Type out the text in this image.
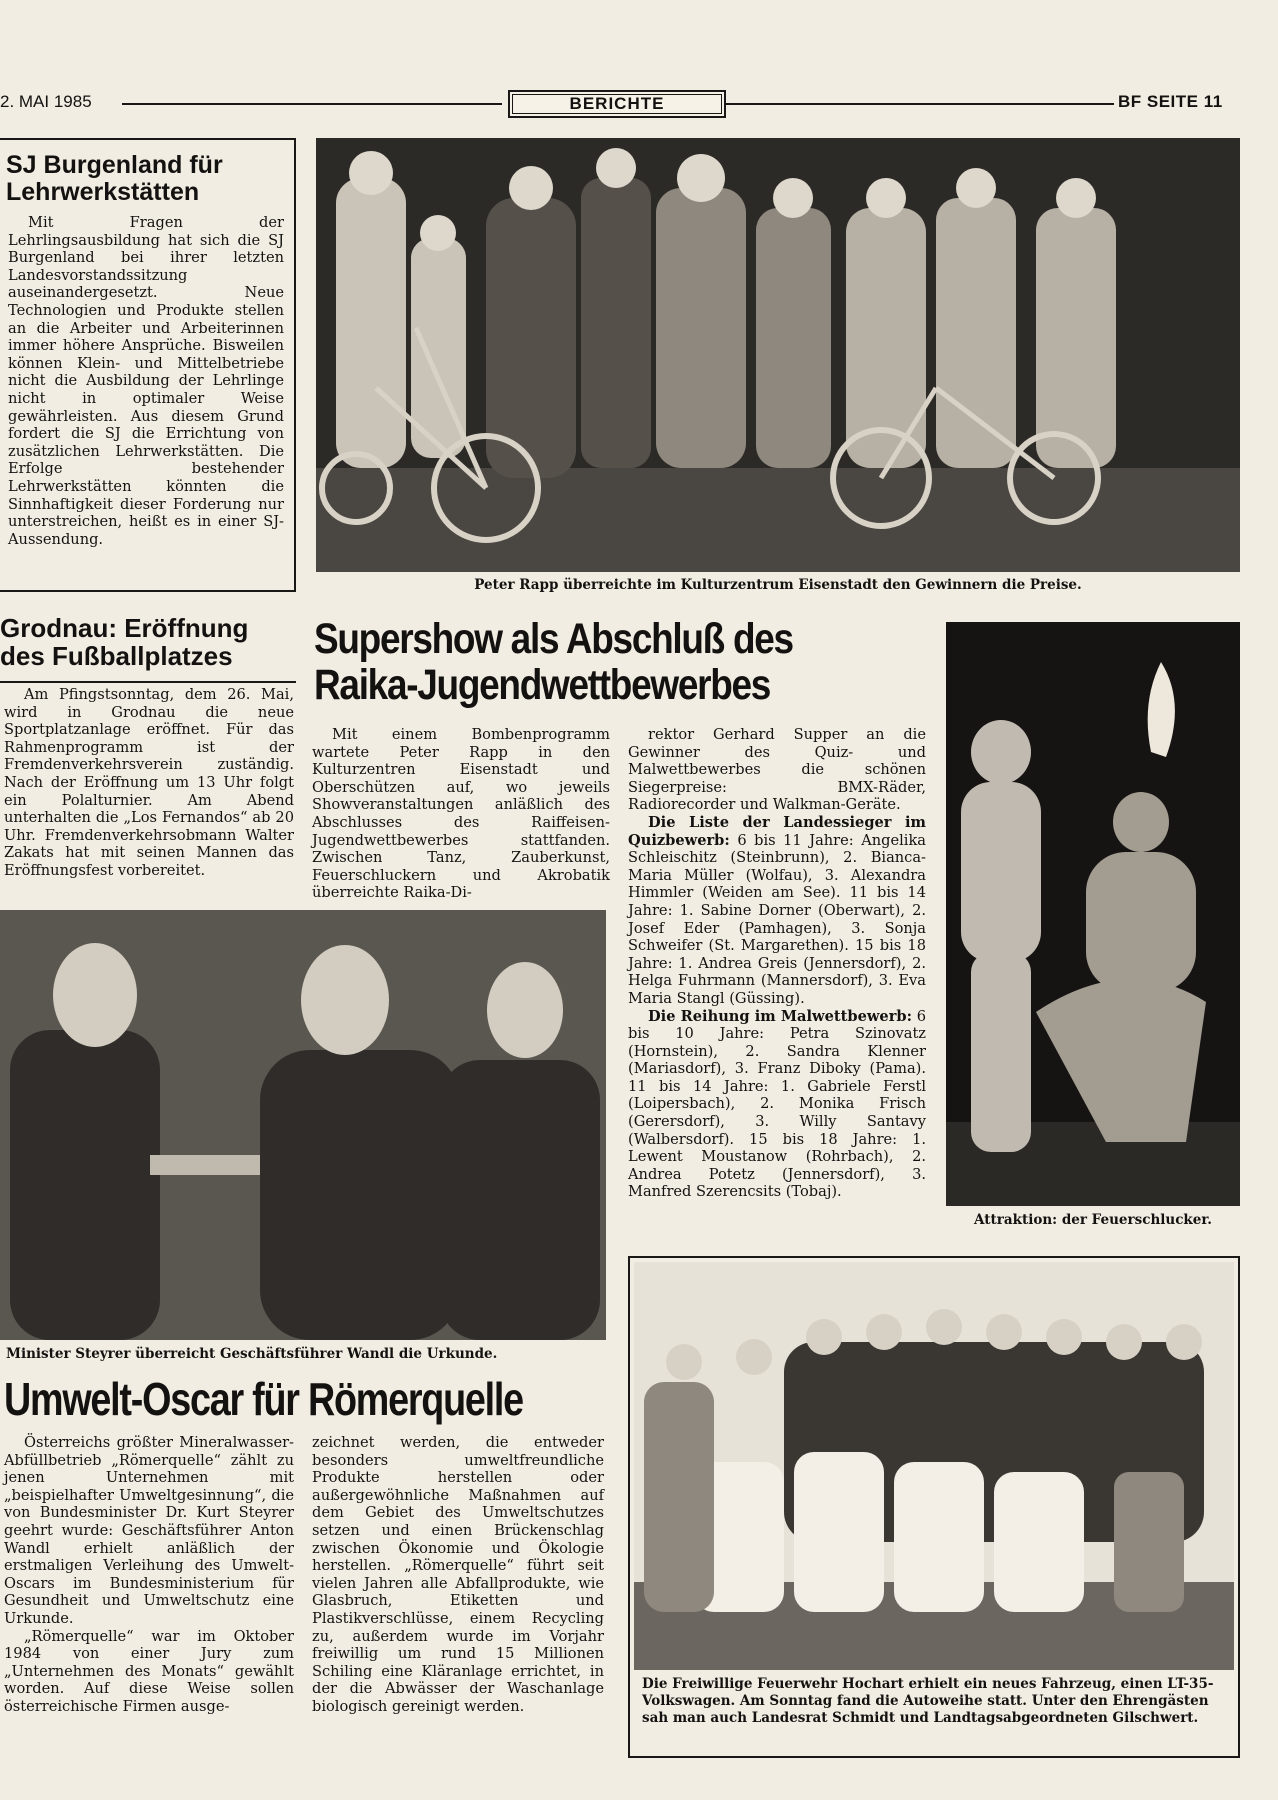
2. MAI 1985	BERICHTE	BF SEITE 11
SJ Burgenland für
Lehrwerkstätten

Mit Fragen der Lehrlingsausbildung hat sich die SJ Burgenland bei ihrer letzten Landesvorstandssitzung auseinandergesetzt. Neue Technologien und Produkte stellen an die Arbeiter und Arbeiterinnen immer höhere Ansprüche. Bisweilen können Klein- und Mittelbetriebe nicht die Ausbildung der Lehrlinge nicht in optimaler Weise gewährleisten. Aus diesem Grund fordert die SJ die Errichtung von zusätzlichen Lehrwerkstätten. Die Erfolge bestehender Lehrwerkstätten könnten die Sinnhaftigkeit dieser Forderung nur unterstreichen, heißt es in einer SJ-Aussendung.

Peter Rapp überreichte im Kulturzentrum Eisenstadt den Gewinnern die Preise.
Grodnau: Eröffnung
des Fußballplatzes

Am Pfingstsonntag, dem 26. Mai, wird in Grodnau die neue Sportplatzanlage eröffnet. Für das Rahmenprogramm ist der Fremdenverkehrsverein zuständig. Nach der Eröffnung um 13 Uhr folgt ein Polalturnier. Am Abend unterhalten die „Los Fernandos“ ab 20 Uhr. Fremdenverkehrsobmann Walter Zakats hat mit seinen Mannen das Eröffnungsfest vorbereitet.

Supershow als Abschluß des
Raika-Jugendwettbewerbes

Mit einem Bombenprogramm wartete Peter Rapp in den Kulturzentren Eisenstadt und Oberschützen auf, wo jeweils Showveranstaltungen anläßlich des Abschlusses des Raiffeisen-Jugendwettbewerbes stattfanden. Zwischen Tanz, Zauberkunst, Feuerschluckern und Akrobatik überreichte Raika-Di-

rektor Gerhard Supper an die Gewinner des Quiz- und Malwettbewerbes die schönen Siegerpreise: BMX-Räder, Radiorecorder und Walkman-Geräte.

Die Liste der Landessieger im Quizbewerb: 6 bis 11 Jahre: Angelika Schleischitz (Steinbrunn), 2. Bianca-Maria Müller (Wolfau), 3. Alexandra Himmler (Weiden am See). 11 bis 14 Jahre: 1. Sabine Dorner (Oberwart), 2. Josef Eder (Pamhagen), 3. Sonja Schweifer (St. Margarethen). 15 bis 18 Jahre: 1. Andrea Greis (Jennersdorf), 2. Helga Fuhrmann (Mannersdorf), 3. Eva Maria Stangl (Güssing).

Die Reihung im Malwettbewerb: 6 bis 10 Jahre: Petra Szinovatz (Hornstein), 2. Sandra Klenner (Mariasdorf), 3. Franz Diboky (Pama). 11 bis 14 Jahre: 1. Gabriele Ferstl (Loipersbach), 2. Monika Frisch (Gerersdorf), 3. Willy Santavy (Walbersdorf). 15 bis 18 Jahre: 1. Lewent Moustanow (Rohrbach), 2. Andrea Potetz (Jennersdorf), 3. Manfred Szerencsits (Tobaj).

Attraktion: der Feuerschlucker.
Minister Steyrer überreicht Geschäftsführer Wandl die Urkunde.
Umwelt-Oscar für Römerquelle

Österreichs größter Mineralwasser-Abfüllbetrieb „Römerquelle“ zählt zu jenen Unternehmen mit „beispielhafter Umweltgesinnung“, die von Bundesminister Dr. Kurt Steyrer geehrt wurde: Geschäftsführer Anton Wandl erhielt anläßlich der erstmaligen Verleihung des Umwelt-Oscars im Bundesministerium für Gesundheit und Umweltschutz eine Urkunde.

„Römerquelle“ war im Oktober 1984 von einer Jury zum „Unternehmen des Monats“ gewählt worden. Auf diese Weise sollen österreichische Firmen ausge-

zeichnet werden, die entweder besonders umweltfreundliche Produkte herstellen oder außergewöhnliche Maßnahmen auf dem Gebiet des Umweltschutzes setzen und einen Brückenschlag zwischen Ökonomie und Ökologie herstellen. „Römerquelle“ führt seit vielen Jahren alle Abfallprodukte, wie Glasbruch, Etiketten und Plastikverschlüsse, einem Recycling zu, außerdem wurde im Vorjahr freiwillig um rund 15 Millionen Schiling eine Kläranlage errichtet, in der die Abwässer der Waschanlage biologisch gereinigt werden.

Die Freiwillige Feuerwehr Hochart erhielt ein neues Fahrzeug, einen LT-35-Volkswagen. Am Sonntag fand die Autoweihe statt. Unter den Ehrengästen sah man auch Landesrat Schmidt und Landtagsabgeordneten Gilschwert.
